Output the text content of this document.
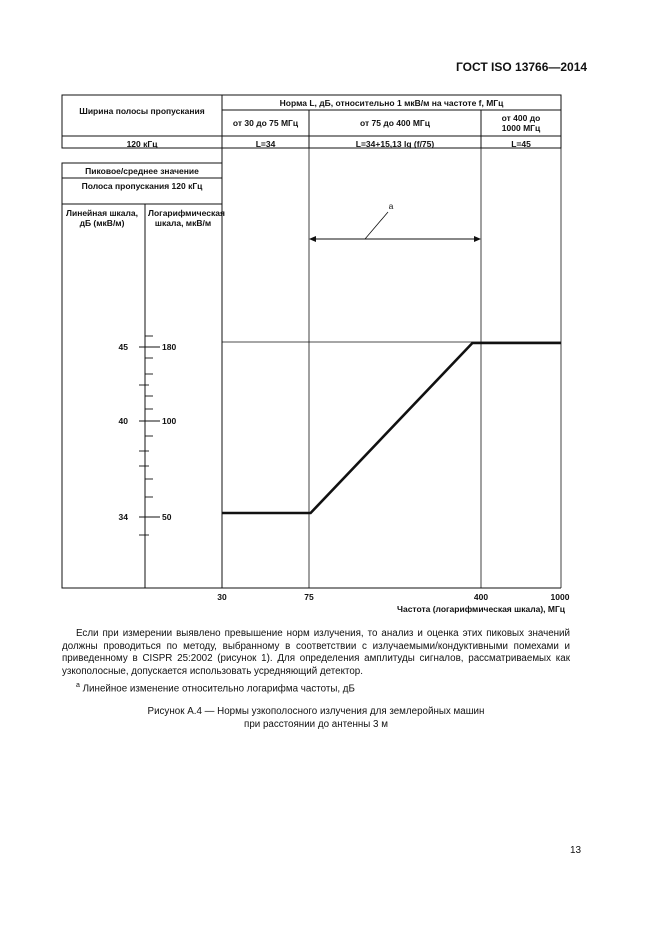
ГОСТ ISO 13766—2014
Ширина полосы пропускания
Норма L, дБ, относительно 1 мкВ/м на частоте f, МГц
от 30 до 75 МГц	от 75 до 400 МГц	от 400 до 1000 МГц
120 кГц	L=34	L=34+15,13 lg (f/75)	L=45
Пиковое/среднее значение
Полоса пропускания 120 кГц
Линейная шкала, дБ (мкВ/м)
Логарифмическая шкала, мкВ/м
45
40
34
180
100
50
a
30	75	400	1000
Частота (логарифмическая шкала), МГц
Если при измерении выявлено превышение норм излучения, то анализ и оценка этих пиковых значений должны проводиться по методу, выбранному в соответствии с излучаемыми/кондуктивными помехами и приведенному в CISPR 25:2002 (рисунок 1). Для определения амплитуды сигналов, рассматриваемых как узкополосные, допускается использовать усредняющий детектор.
$^a$ Линейное изменение относительно логарифма частоты, дБ
Рисунок А.4 — Нормы узкополосного излучения для землеройных машин
при расстоянии до антенны 3 м
13
